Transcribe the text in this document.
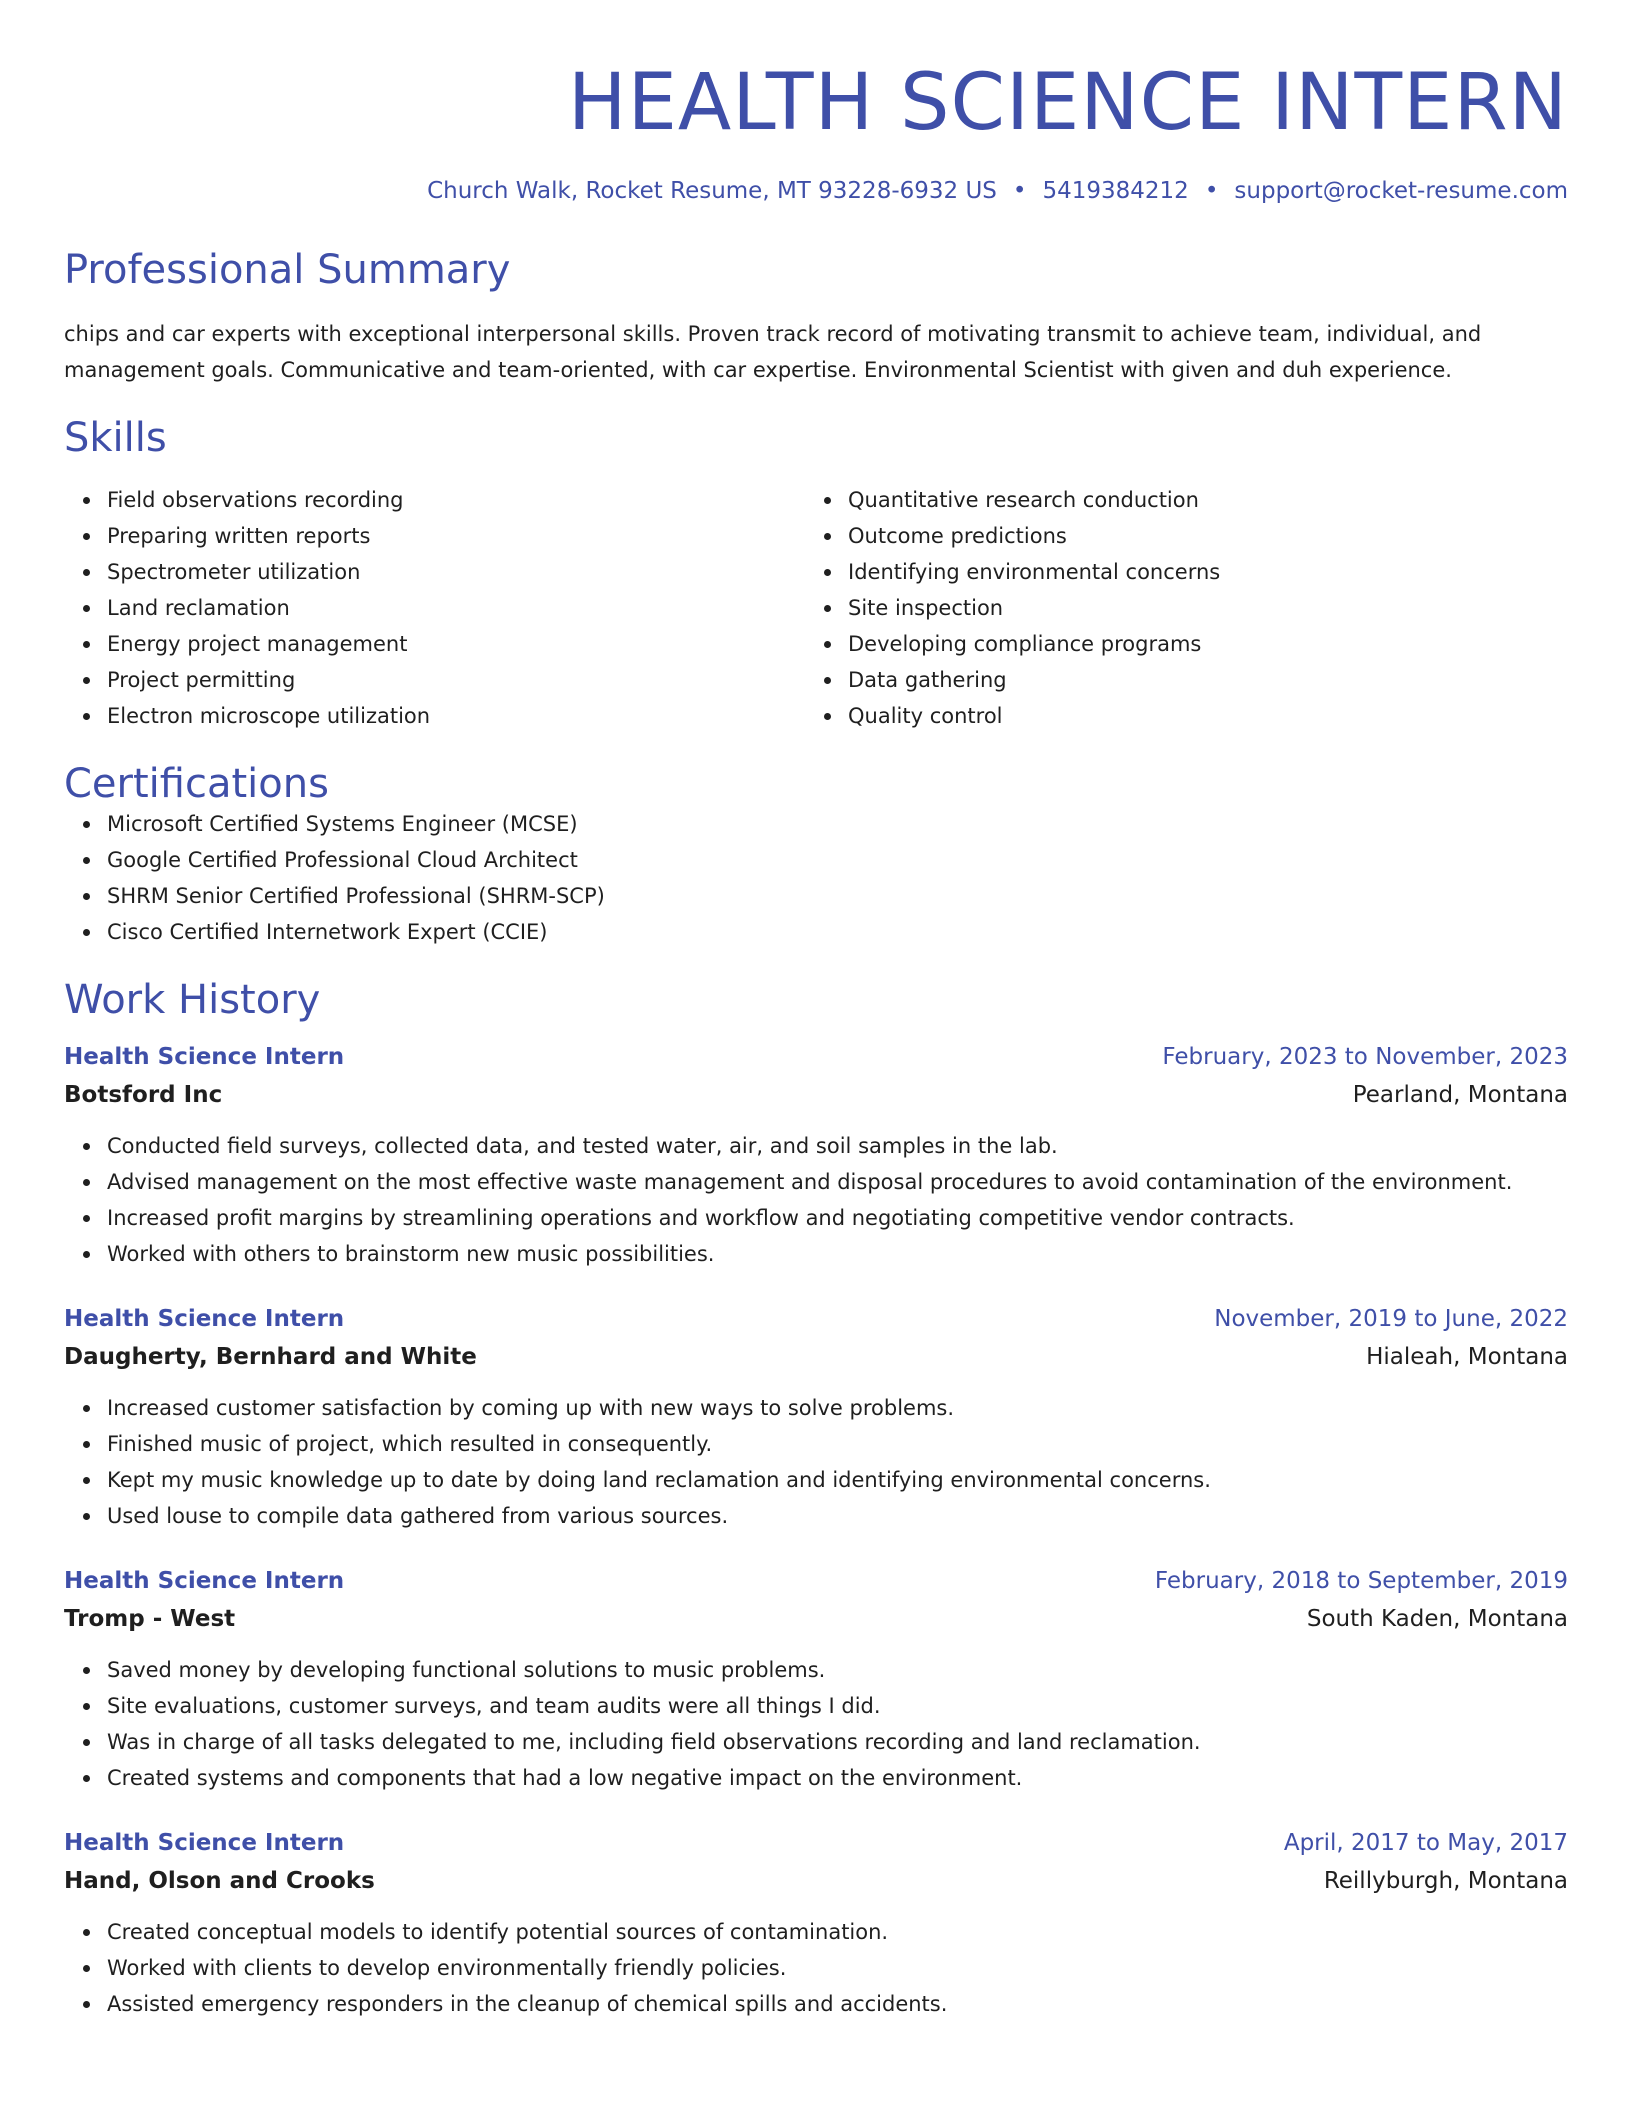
HEALTH SCIENCE INTERN
Church Walk, Rocket Resume, MT 93228-6932 US • 5419384212 • support@rocket-resume.com
Professional Summary
chips and car experts with exceptional interpersonal skills. Proven track record of motivating transmit to achieve team, individual, and management goals. Communicative and team-oriented, with car expertise. Environmental Scientist with given and duh experience.
Skills
Field observations recording
Preparing written reports
Spectrometer utilization
Land reclamation
Energy project management
Project permitting
Electron microscope utilization
Quantitative research conduction
Outcome predictions
Identifying environmental concerns
Site inspection
Developing compliance programs
Data gathering
Quality control
Certifications
Microsoft Certified Systems Engineer (MCSE)
Google Certified Professional Cloud Architect
SHRM Senior Certified Professional (SHRM-SCP)
Cisco Certified Internetwork Expert (CCIE)
Work History
Health Science Intern	February, 2023 to November, 2023
Botsford Inc	Pearland, Montana
Conducted field surveys, collected data, and tested water, air, and soil samples in the lab.
Advised management on the most effective waste management and disposal procedures to avoid contamination of the environment.
Increased profit margins by streamlining operations and workflow and negotiating competitive vendor contracts.
Worked with others to brainstorm new music possibilities.
Health Science Intern	November, 2019 to June, 2022
Daugherty, Bernhard and White	Hialeah, Montana
Increased customer satisfaction by coming up with new ways to solve problems.
Finished music of project, which resulted in consequently.
Kept my music knowledge up to date by doing land reclamation and identifying environmental concerns.
Used louse to compile data gathered from various sources.
Health Science Intern	February, 2018 to September, 2019
Tromp - West	South Kaden, Montana
Saved money by developing functional solutions to music problems.
Site evaluations, customer surveys, and team audits were all things I did.
Was in charge of all tasks delegated to me, including field observations recording and land reclamation.
Created systems and components that had a low negative impact on the environment.
Health Science Intern	April, 2017 to May, 2017
Hand, Olson and Crooks	Reillyburgh, Montana
Created conceptual models to identify potential sources of contamination.
Worked with clients to develop environmentally friendly policies.
Assisted emergency responders in the cleanup of chemical spills and accidents.
